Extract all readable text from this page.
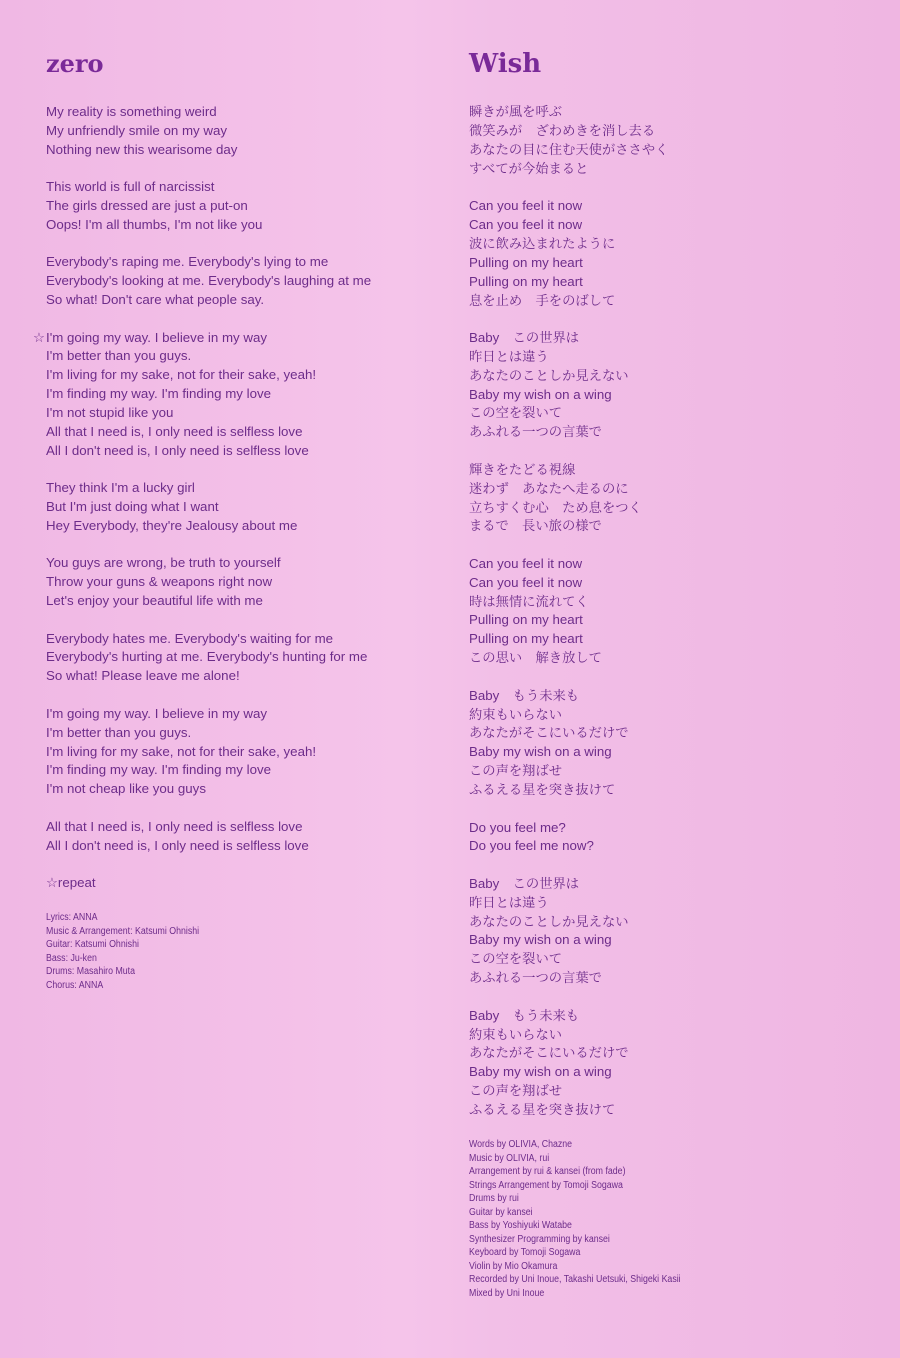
zero
My reality is something weird
My unfriendly smile on my way
Nothing new this wearisome day
This world is full of narcissist
The girls dressed are just a put-on
Oops! I'm all thumbs, I'm not like you
Everybody's raping me. Everybody's lying to me
Everybody's looking at me. Everybody's laughing at me
So what! Don't care what people say.
☆ I'm going my way. I believe in my way
I'm better than you guys.
I'm living for my sake, not for their sake, yeah!
I'm finding my way. I'm finding my love
I'm not stupid like you
All that I need is, I only need is selfless love
All I don't need is, I only need is selfless love
They think I'm a lucky girl
But I'm just doing what I want
Hey Everybody, they're Jealousy about me
You guys are wrong, be truth to yourself
Throw your guns & weapons right now
Let's enjoy your beautiful life with me
Everybody hates me. Everybody's waiting for me
Everybody's hurting at me. Everybody's hunting for me
So what! Please leave me alone!
I'm going my way. I believe in my way
I'm better than you guys.
I'm living for my sake, not for their sake, yeah!
I'm finding my way. I'm finding my love
I'm not cheap like you guys
All that I need is, I only need is selfless love
All I don't need is, I only need is selfless love
☆repeat
Lyrics: ANNA
Music & Arrangement: Katsumi Ohnishi
Guitar: Katsumi Ohnishi
Bass: Ju-ken
Drums: Masahiro Muta
Chorus: ANNA
Wish
瞬きが風を呼ぶ
微笑みが　ざわめきを消し去る
あなたの目に住む天使がささやく
すべてが今始まると
Can you feel it now
Can you feel it now
波に飲み込まれたように
Pulling on my heart
Pulling on my heart
息を止め　手をのばして
Baby　この世界は
昨日とは違う
あなたのことしか見えない
Baby my wish on a wing
この空を裂いて
あふれる一つの言葉で
輝きをたどる視線
迷わず　あなたへ走るのに
立ちすくむ心　ため息をつく
まるで　長い旅の様で
Can you feel it now
Can you feel it now
時は無情に流れてく
Pulling on my heart
Pulling on my heart
この思い　解き放して
Baby　もう未来も
約束もいらない
あなたがそこにいるだけで
Baby my wish on a wing
この声を翔ばせ
ふるえる星を突き抜けて
Do you feel me?
Do you feel me now?
Baby　この世界は
昨日とは違う
あなたのことしか見えない
Baby my wish on a wing
この空を裂いて
あふれる一つの言葉で
Baby　もう未来も
約束もいらない
あなたがそこにいるだけで
Baby my wish on a wing
この声を翔ばせ
ふるえる星を突き抜けて
Words by OLIVIA, Chazne
Music by OLIVIA, rui
Arrangement by rui & kansei (from fade)
Strings Arrangement by Tomoji Sogawa
Drums by rui
Guitar by kansei
Bass by Yoshiyuki Watabe
Synthesizer Programming by kansei
Keyboard by Tomoji Sogawa
Violin by Mio Okamura
Recorded by Uni Inoue, Takashi Uetsuki, Shigeki Kasii
Mixed by Uni Inoue
